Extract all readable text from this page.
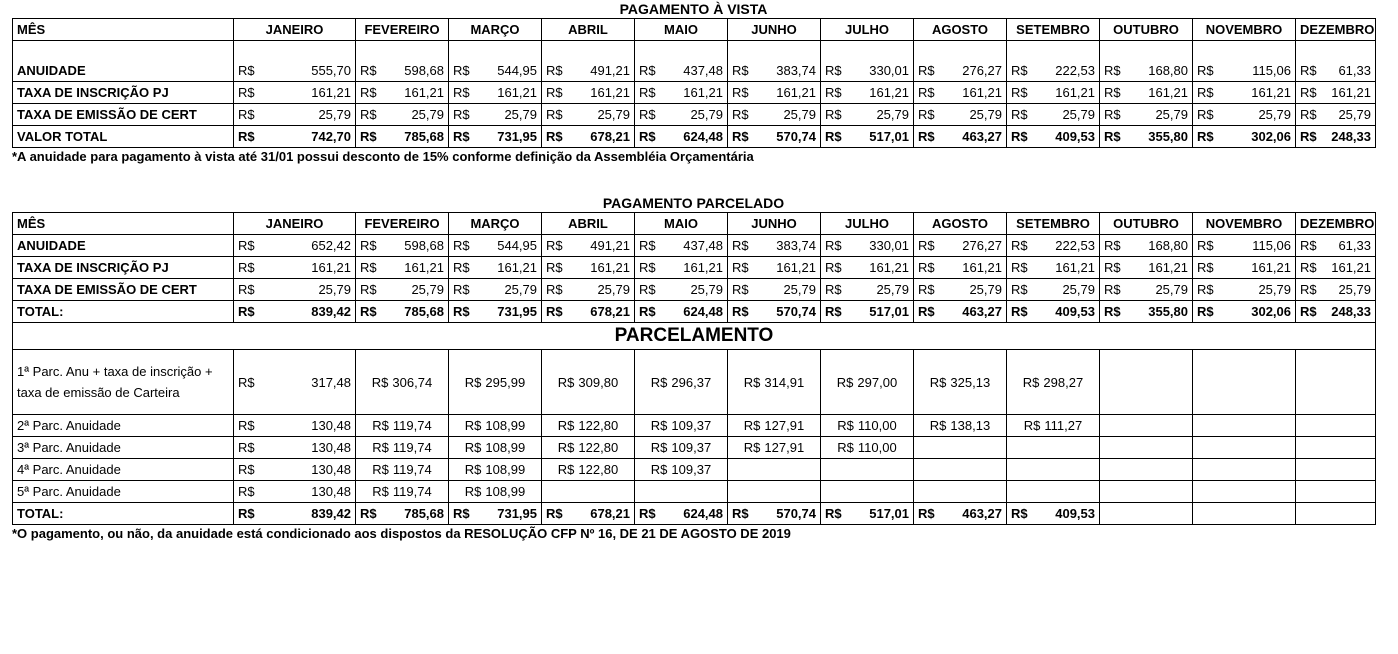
PAGAMENTO À VISTA
MÊS	JANEIRO	FEVEREIRO	MARÇO	ABRIL	MAIO	JUNHO	JULHO	AGOSTO	SETEMBRO	OUTUBRO	NOVEMBRO	DEZEMBRO
ANUIDADE	R$ 555,70	R$ 598,68	R$ 544,95	R$ 491,21	R$ 437,48	R$ 383,74	R$ 330,01	R$ 276,27	R$ 222,53	R$ 168,80	R$ 115,06	R$ 61,33
TAXA DE INSCRIÇÃO PJ	R$ 161,21	R$ 161,21	R$ 161,21	R$ 161,21	R$ 161,21	R$ 161,21	R$ 161,21	R$ 161,21	R$ 161,21	R$ 161,21	R$ 161,21	R$ 161,21
TAXA DE EMISSÃO DE CERT	R$ 25,79	R$ 25,79	R$ 25,79	R$ 25,79	R$ 25,79	R$ 25,79	R$ 25,79	R$ 25,79	R$ 25,79	R$ 25,79	R$ 25,79	R$ 25,79
VALOR TOTAL	R$ 742,70	R$ 785,68	R$ 731,95	R$ 678,21	R$ 624,48	R$ 570,74	R$ 517,01	R$ 463,27	R$ 409,53	R$ 355,80	R$ 302,06	R$ 248,33
*A anuidade para pagamento à vista até 31/01 possui desconto de 15% conforme definição da Assembléia Orçamentária
PAGAMENTO PARCELADO
MÊS	JANEIRO	FEVEREIRO	MARÇO	ABRIL	MAIO	JUNHO	JULHO	AGOSTO	SETEMBRO	OUTUBRO	NOVEMBRO	DEZEMBRO
ANUIDADE	R$ 652,42	R$ 598,68	R$ 544,95	R$ 491,21	R$ 437,48	R$ 383,74	R$ 330,01	R$ 276,27	R$ 222,53	R$ 168,80	R$ 115,06	R$ 61,33
TAXA DE INSCRIÇÃO PJ	R$ 161,21	R$ 161,21	R$ 161,21	R$ 161,21	R$ 161,21	R$ 161,21	R$ 161,21	R$ 161,21	R$ 161,21	R$ 161,21	R$ 161,21	R$ 161,21
TAXA DE EMISSÃO DE CERT	R$ 25,79	R$ 25,79	R$ 25,79	R$ 25,79	R$ 25,79	R$ 25,79	R$ 25,79	R$ 25,79	R$ 25,79	R$ 25,79	R$ 25,79	R$ 25,79
TOTAL:	R$ 839,42	R$ 785,68	R$ 731,95	R$ 678,21	R$ 624,48	R$ 570,74	R$ 517,01	R$ 463,27	R$ 409,53	R$ 355,80	R$ 302,06	R$ 248,33
PARCELAMENTO												
1ª Parc. Anu + taxa de inscrição + taxa de emissão de Carteira	R$ 317,48	R$ 306,74	R$ 295,99	R$ 309,80	R$ 296,37	R$ 314,91	R$ 297,00	R$ 325,13	R$ 298,27			
2ª Parc. Anuidade	R$ 130,48	R$ 119,74	R$ 108,99	R$ 122,80	R$ 109,37	R$ 127,91	R$ 110,00	R$ 138,13	R$ 111,27			
3ª Parc. Anuidade	R$ 130,48	R$ 119,74	R$ 108,99	R$ 122,80	R$ 109,37	R$ 127,91	R$ 110,00					
4ª Parc. Anuidade	R$ 130,48	R$ 119,74	R$ 108,99	R$ 122,80	R$ 109,37							
5ª Parc. Anuidade	R$ 130,48	R$ 119,74	R$ 108,99									
TOTAL:	R$ 839,42	R$ 785,68	R$ 731,95	R$ 678,21	R$ 624,48	R$ 570,74	R$ 517,01	R$ 463,27	R$ 409,53			
*O pagamento, ou não, da anuidade está condicionado aos dispostos da RESOLUÇÃO CFP Nº 16, DE 21 DE AGOSTO DE 2019
